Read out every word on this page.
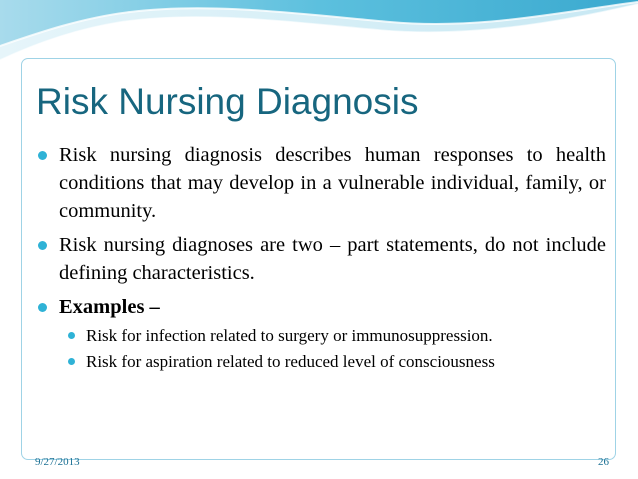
Risk Nursing Diagnosis

Risk nursing diagnosis describes human responses to health conditions that may develop in a vulnerable individual, family, or community.

Risk nursing diagnoses are two – part statements, do not include defining characteristics.

Examples –

Risk for infection related to surgery or immunosuppression.

Risk for aspiration related to reduced level of consciousness

9/27/2013	26
